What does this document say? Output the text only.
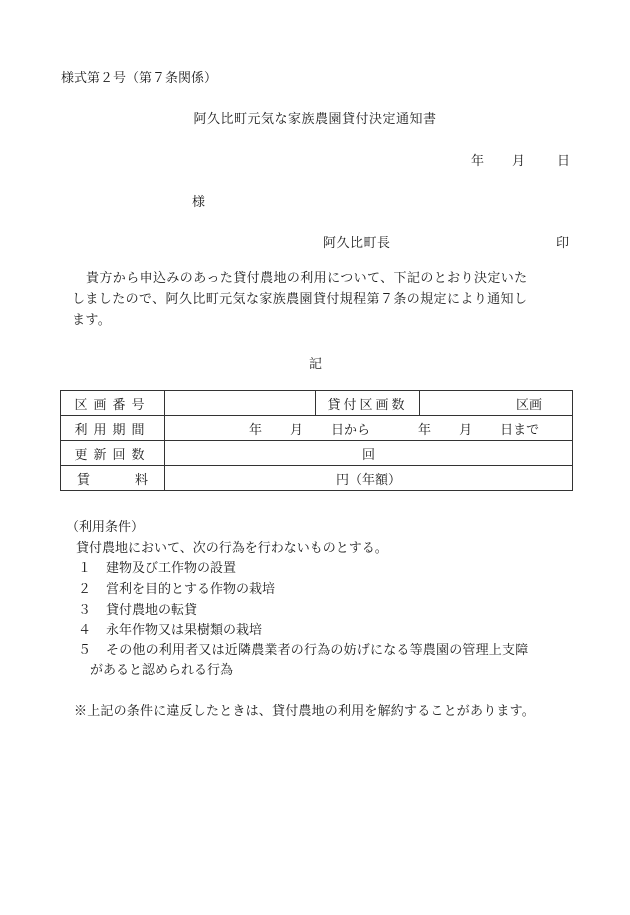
様式第２号（第７条関係）
阿久比町元気な家族農園貸付決定通知書
年 月 日
様
阿久比町長	印
貴方から申込みのあった貸付農地の利用について、下記のとおり決定いた
しましたので、阿久比町元気な家族農園貸付規程第７条の規定により通知し
ます。
記
区画番号		貸付区画数	区画
利用期間	年 月 日から 年 月 日まで		
更新回数	回		

賃 料	円（年額）		
（利用条件）
貸付農地において、次の行為を行わないものとする。
１ 建物及び工作物の設置
２ 営利を目的とする作物の栽培
３ 貸付農地の転貸
４ 永年作物又は果樹類の栽培
５ その他の利用者又は近隣農業者の行為の妨げになる等農園の管理上支障
があると認められる行為
※上記の条件に違反したときは、貸付農地の利用を解約することがあります。
